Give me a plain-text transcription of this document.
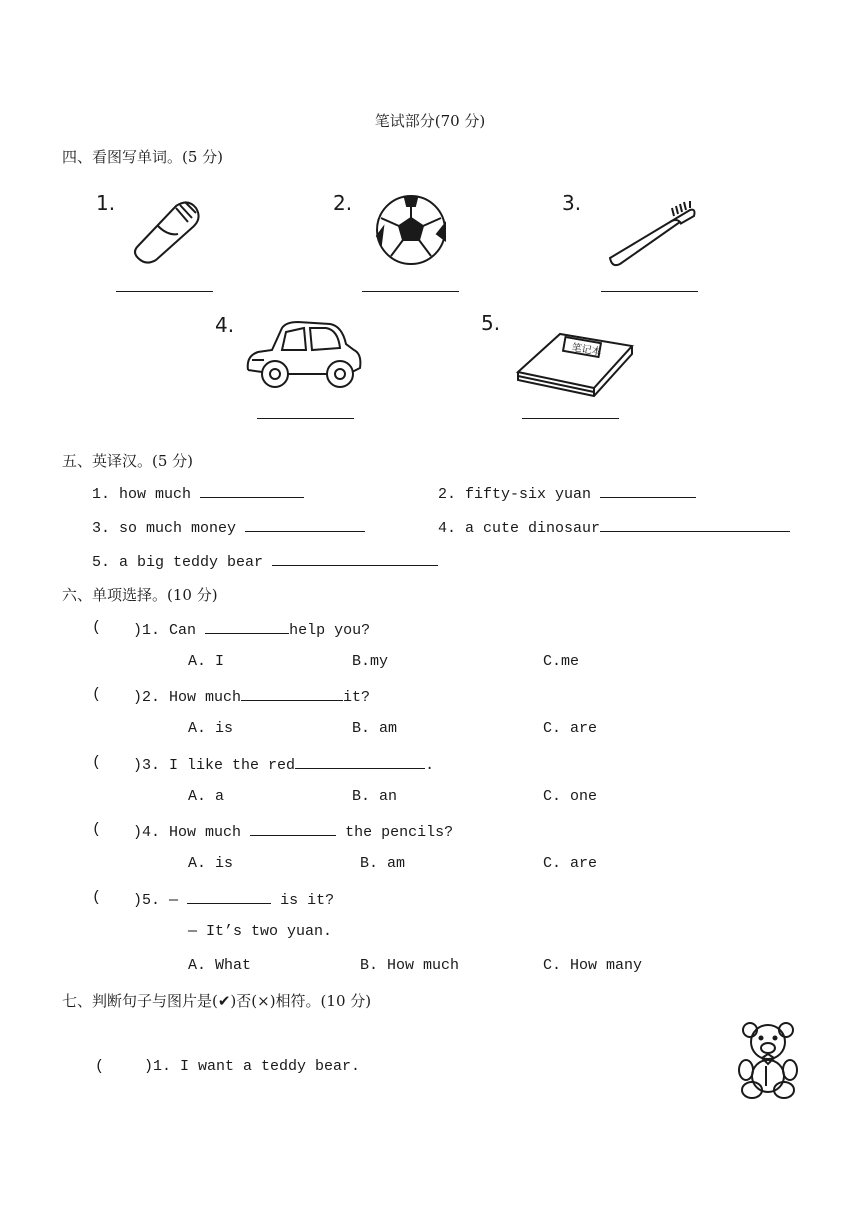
笔试部分(70 分)
四、看图写单词。(5 分)
1.	2.	3.
4.	5.
笔记本
五、英译汉。(5 分)
1. how much	2. fifty-six yuan
3. so much money	4. a cute dinosaur
5. a big teddy bear
六、单项选择。(10 分)
( )1. Can	help you?
A. I	B.my	C.me
( )2. How much	it?
A. is	B. am	C. are
( )3. I like the red	.
A. a	B. an	C. one
( )4. How much	the pencils?
A. is	B. am	C. are
( )5. —	is it?
— It’s two yuan.
A. What	B. How much	C. How many
七、判断句子与图片是(✔)否(×)相符。(10 分)
(	)1. I want a teddy bear.
